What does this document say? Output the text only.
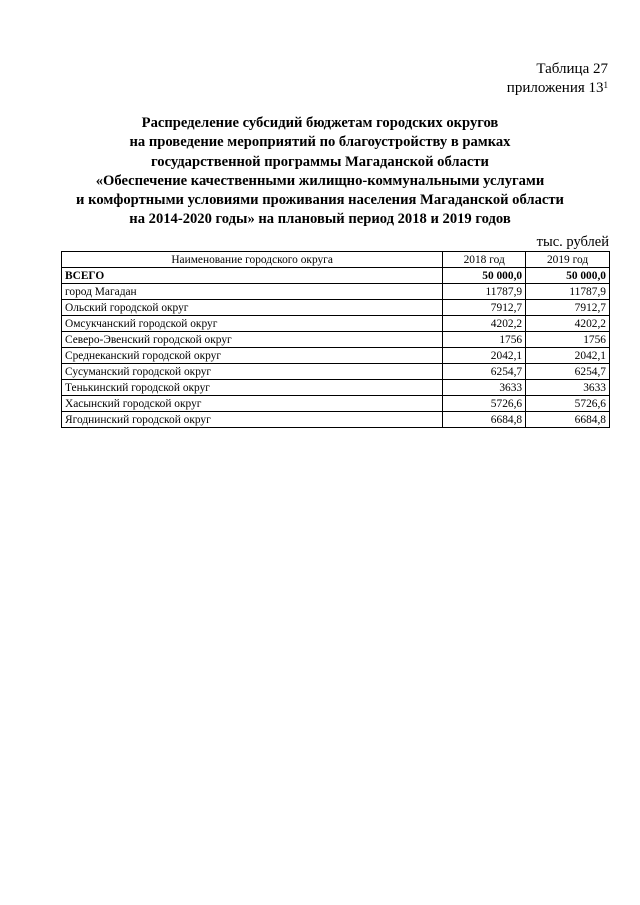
Таблица 27
приложения $13^1$
Распределение субсидий бюджетам городских округов
на проведение мероприятий по благоустройству в рамках
государственной программы Магаданской области
«Обеспечение качественными жилищно-коммунальными услугами
и комфортными условиями проживания населения Магаданской области
на 2014-2020 годы» на плановый период 2018 и 2019 годов
тыс. рублей
Наименование городского округа	2018 год	2019 год
ВСЕГО	50 000,0	50 000,0
город Магадан	11787,9	11787,9
Ольский городской округ	7912,7	7912,7
Омсукчанский городской округ	4202,2	4202,2
Северо-Эвенский городской округ	1756	1756
Среднеканский городской округ	2042,1	2042,1
Сусуманский городской округ	6254,7	6254,7
Тенькинский городской округ	3633	3633
Хасынский городской округ	5726,6	5726,6
Ягоднинский городской округ	6684,8	6684,8
